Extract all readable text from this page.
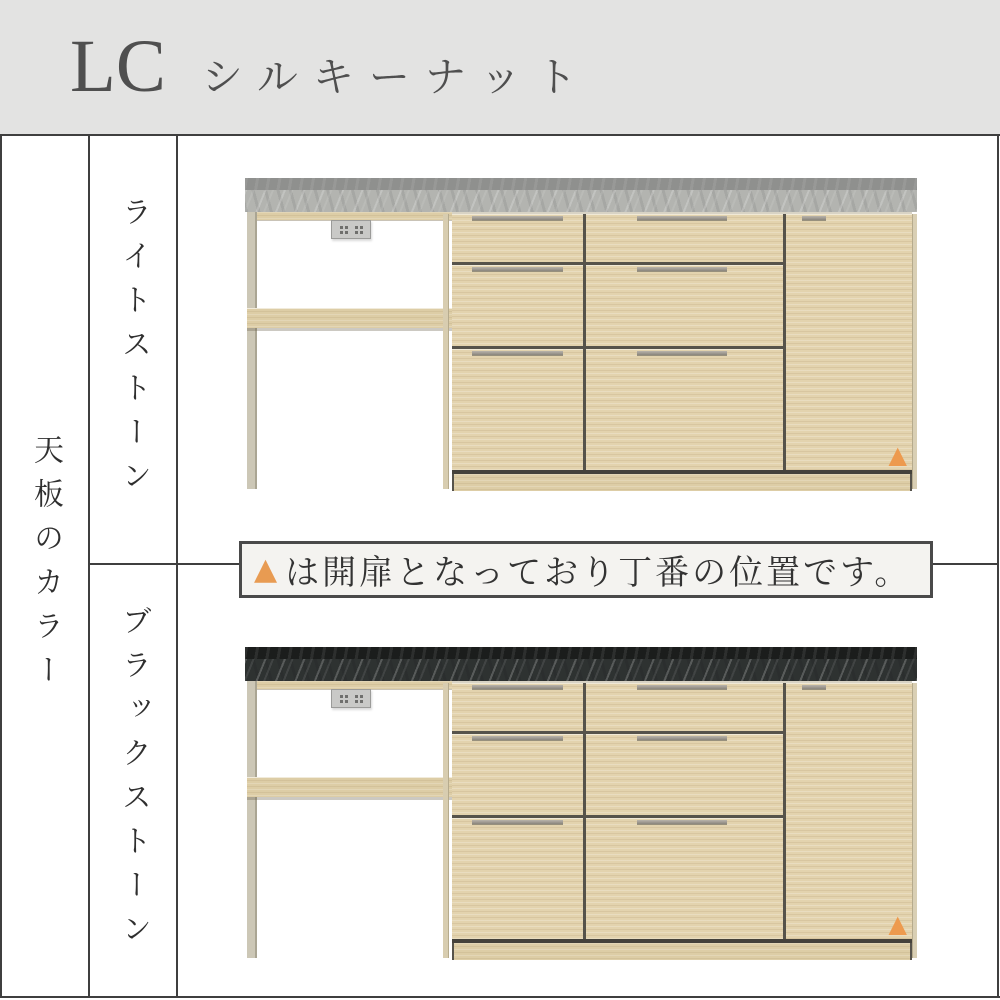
LC シルキーナット
天板のカラー
ライトストーン
ブラックストーン
▲
▲ は開扉となっており丁番の位置です。
▲
